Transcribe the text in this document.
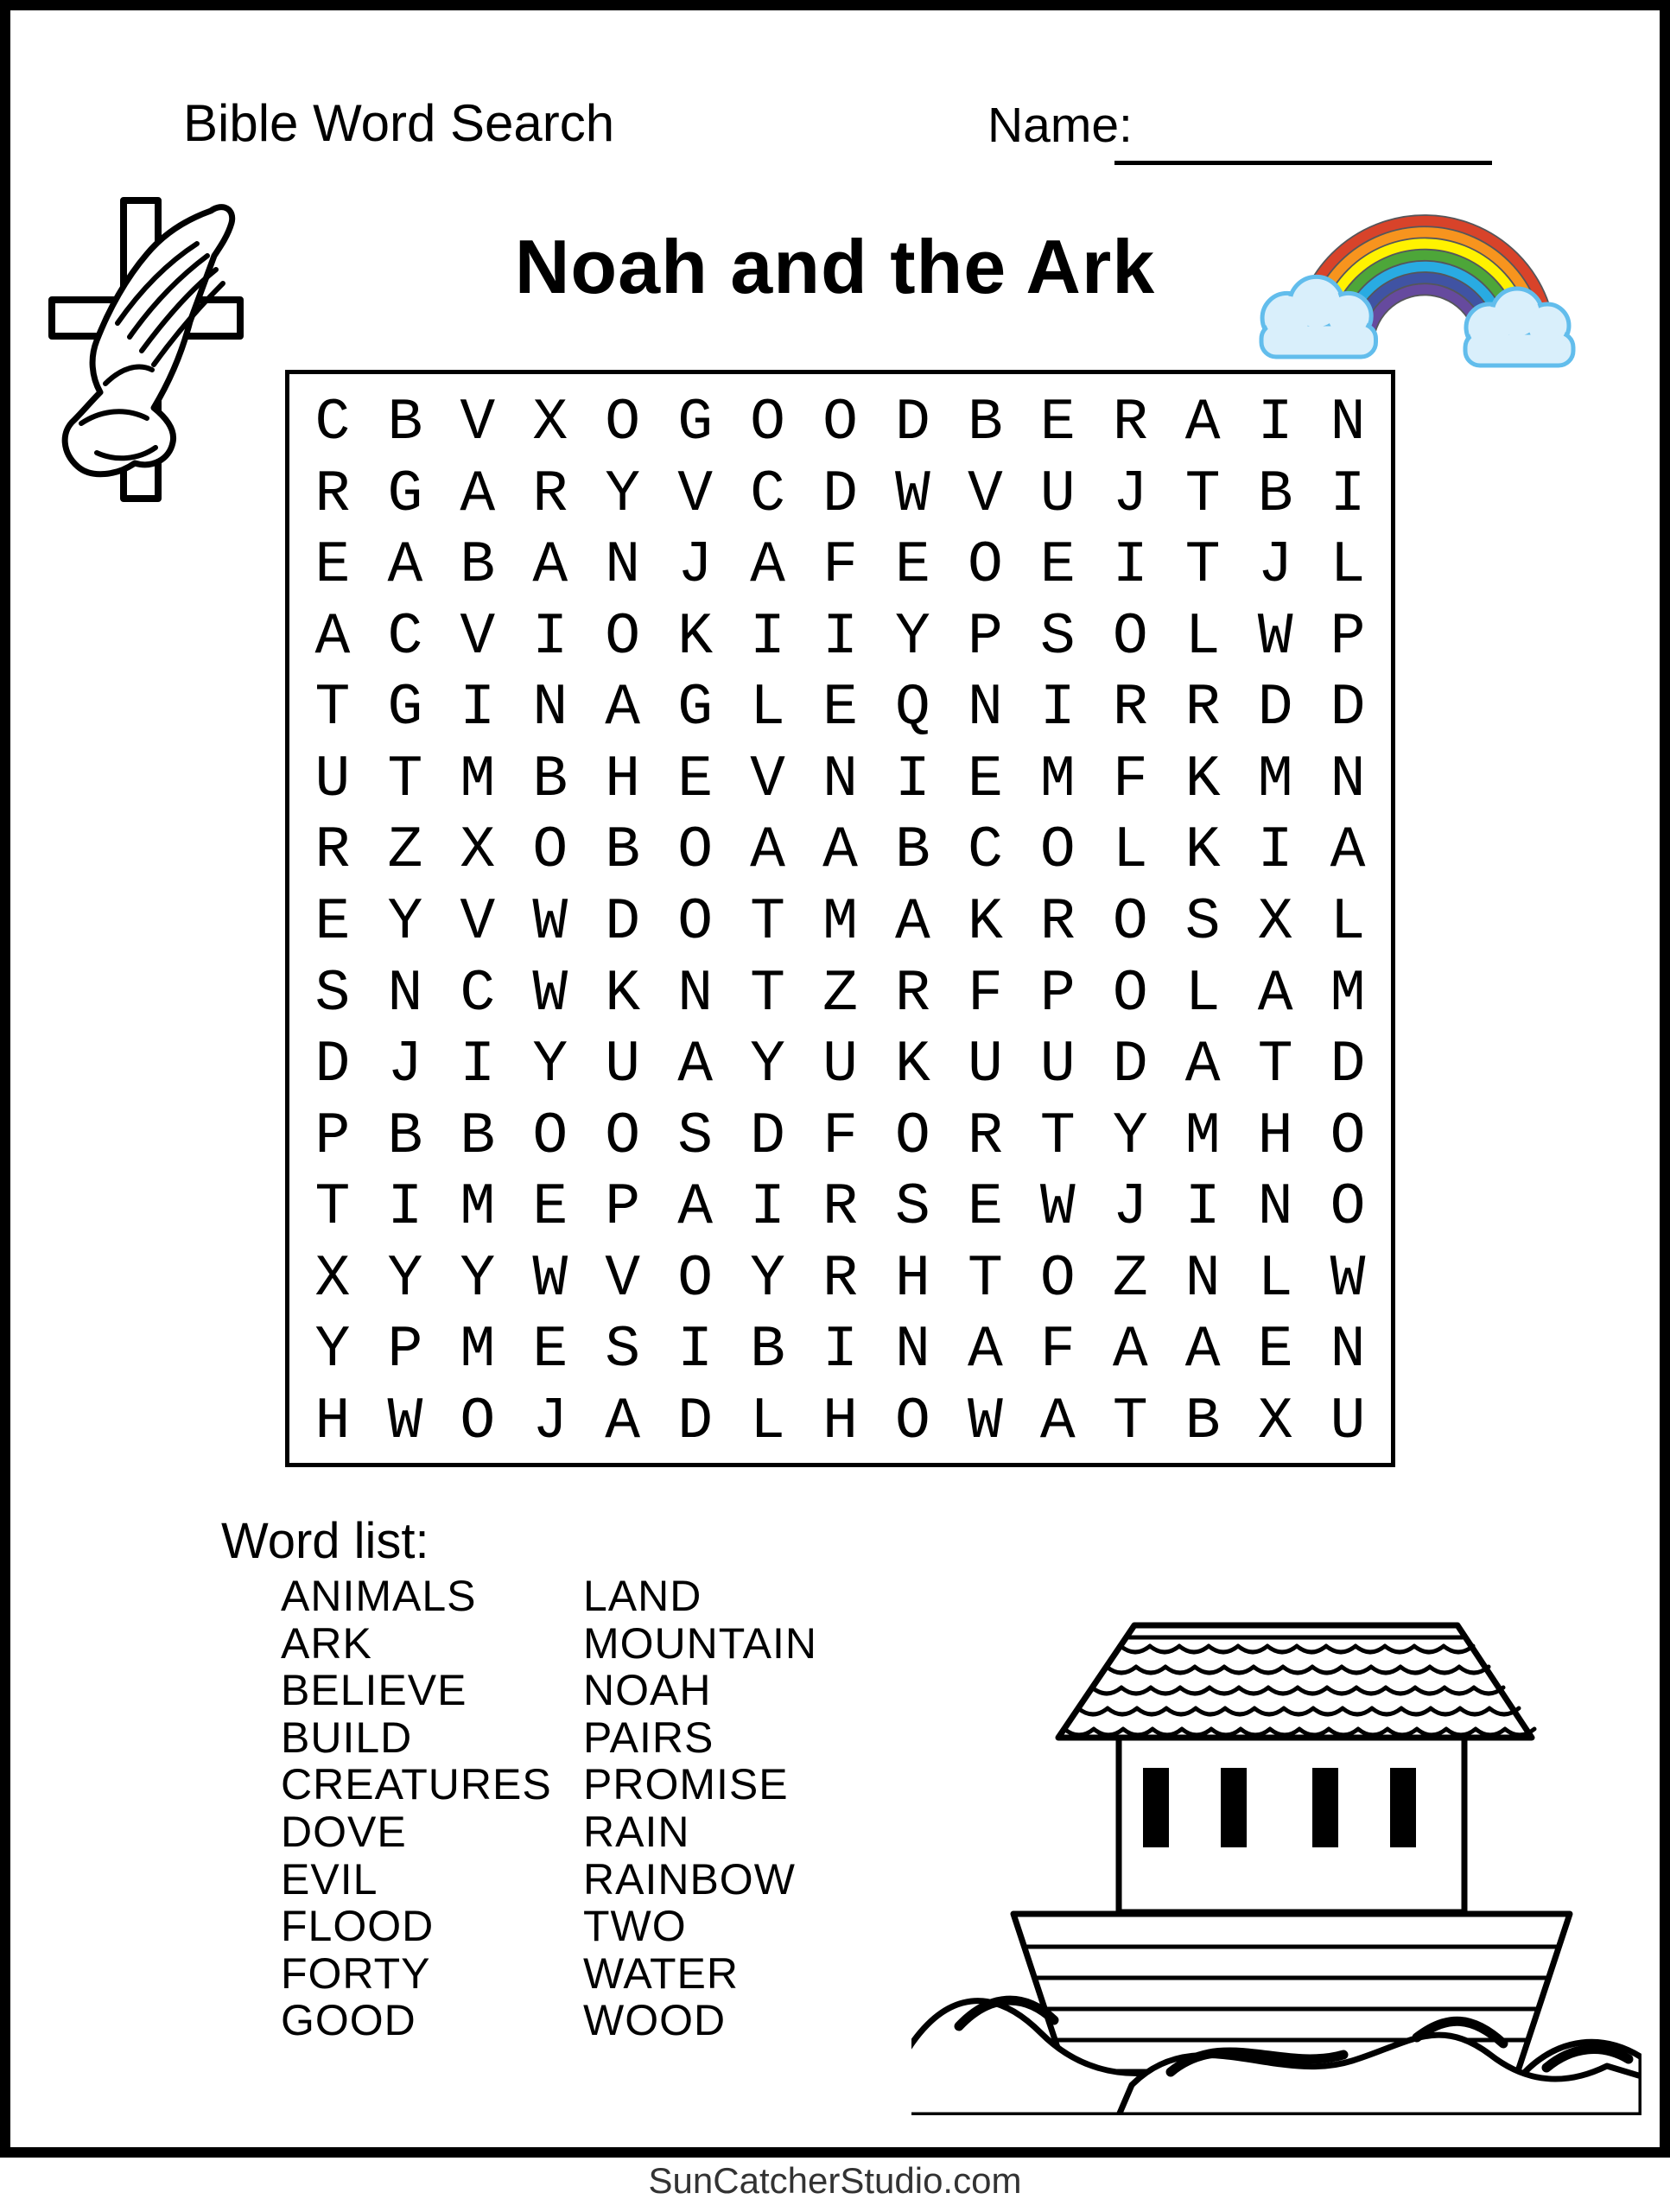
Bible Word Search	Name:
Noah and the Ark
C B V X O G O O D B E R A I N
R G A R Y V C D W V U J T B I
E A B A N J A F E O E I T J L
A C V I O K I I Y P S O L W P
T G I N A G L E Q N I R R D D
U T M B H E V N I E M F K M N
R Z X O B O A A B C O L K I A
E Y V W D O T M A K R O S X L
S N C W K N T Z R F P O L A M
D J I Y U A Y U K U U D A T D
P B B O O S D F O R T Y M H O
T I M E P A I R S E W J I N O
X Y Y W V O Y R H T O Z N L W
Y P M E S I B I N A F A A E N
H W O J A D L H O W A T B X U
Word list:
ANIMALS
ARK
BELIEVE
BUILD
CREATURES
DOVE
EVIL
FLOOD
FORTY
GOOD
LAND
MOUNTAIN
NOAH
PAIRS
PROMISE
RAIN
RAINBOW
TWO
WATER
WOOD
SunCatcherStudio.com
